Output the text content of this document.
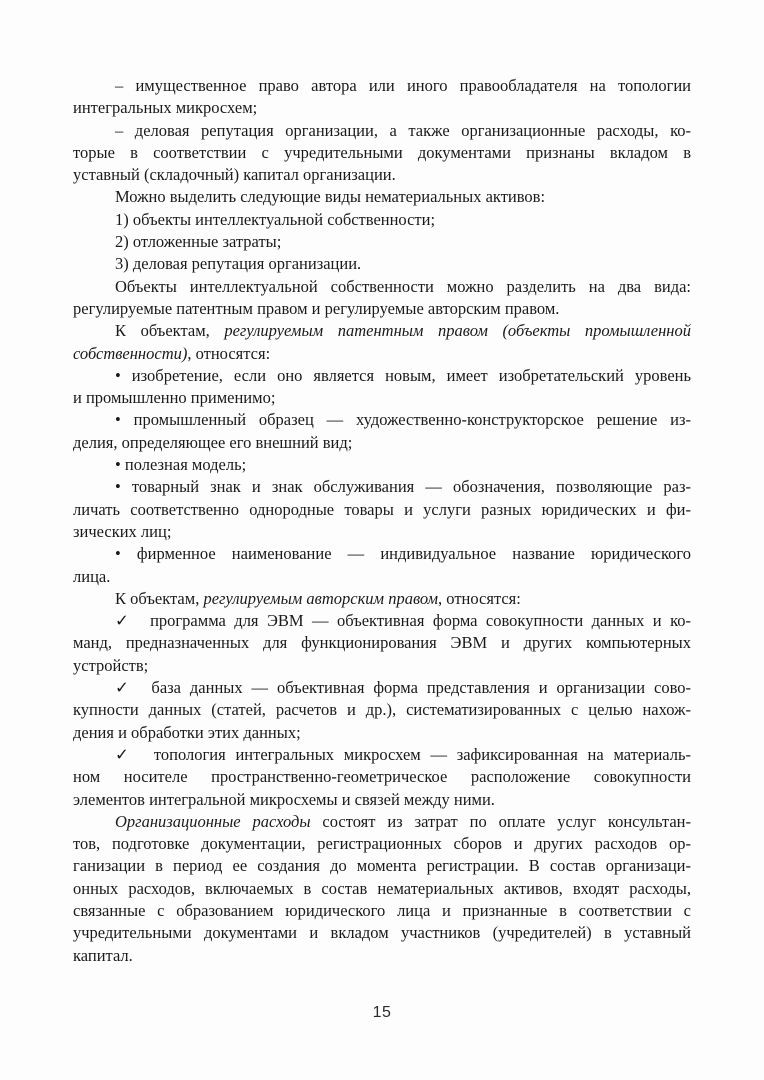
– имущественное право автора или иного правообладателя на топологии
интегральных микросхем;
– деловая репутация организации, а также организационные расходы, ко-
торые в соответствии с учредительными документами признаны вкладом в
уставный (складочный) капитал организации.
Можно выделить следующие виды нематериальных активов:
1) объекты интеллектуальной собственности;
2) отложенные затраты;
3) деловая репутация организации.
Объекты интеллектуальной собственности можно разделить на два вида:
регулируемые патентным правом и регулируемые авторским правом.
К объектам, регулируемым патентным правом (объекты промышленной
собственности), относятся:
• изобретение, если оно является новым, имеет изобретательский уровень
и промышленно применимо;
• промышленный образец — художественно-конструкторское решение из-
делия, определяющее его внешний вид;
• полезная модель;
• товарный знак и знак обслуживания — обозначения, позволяющие раз-
личать соответственно однородные товары и услуги разных юридических и фи-
зических лиц;
• фирменное наименование — индивидуальное название юридического
лица.
К объектам, регулируемым авторским правом, относятся:
✓  программа для ЭВМ — объективная форма совокупности данных и ко-
манд, предназначенных для функционирования ЭВМ и других компьютерных
устройств;
✓  база данных — объективная форма представления и организации сово-
купности данных (статей, расчетов и др.), систематизированных с целью нахож-
дения и обработки этих данных;
✓  топология интегральных микросхем — зафиксированная на материаль-
ном носителе пространственно-геометрическое расположение совокупности
элементов интегральной микросхемы и связей между ними.
Организационные расходы состоят из затрат по оплате услуг консультан-
тов, подготовке документации, регистрационных сборов и других расходов ор-
ганизации в период ее создания до момента регистрации. В состав организаци-
онных расходов, включаемых в состав нематериальных активов, входят расходы,
связанные с образованием юридического лица и признанные в соответствии с
учредительными документами и вкладом участников (учредителей) в уставный
капитал.
15
